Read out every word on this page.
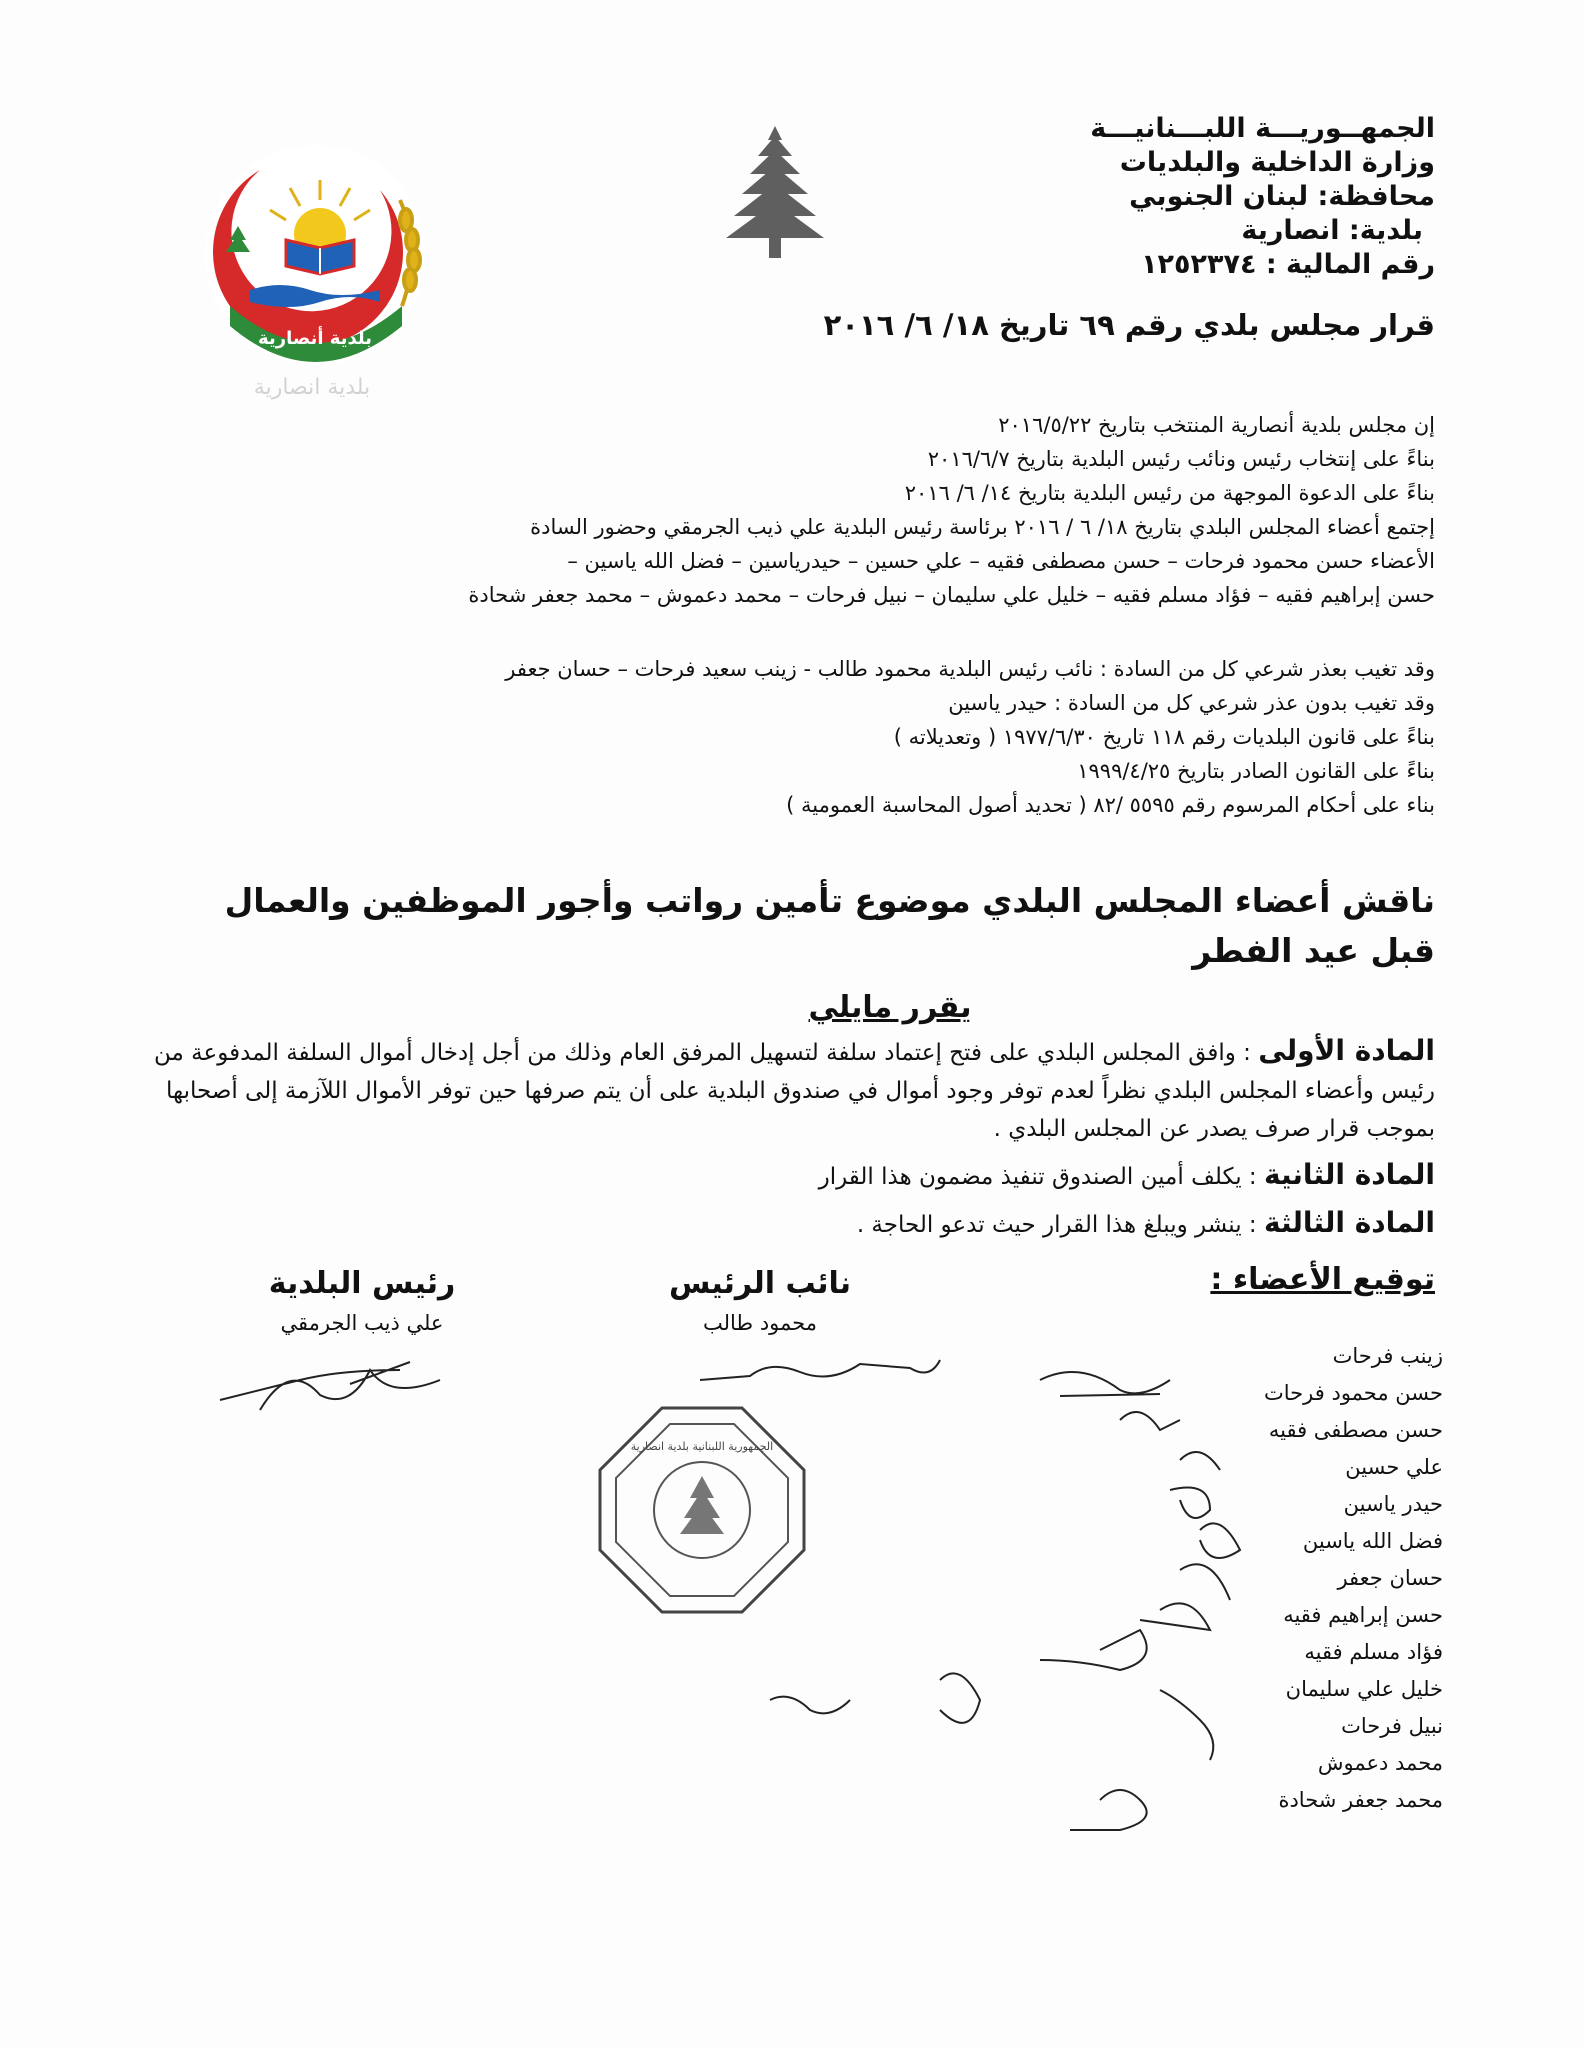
الجمهــوريـــة اللبـــنانيـــة
وزارة الداخلية والبلديات
محافظة: لبنان الجنوبي
بلدية: انصارية
رقم المالية : ١٢٥٢٣٧٤
بلدية أنصارية
بلدية انصارية
قرار مجلس بلدي رقم ٦٩ تاريخ ١٨/ ٦/ ٢٠١٦
إن مجلس بلدية أنصارية المنتخب بتاريخ ٢٠١٦/٥/٢٢
بناءً على إنتخاب رئيس ونائب رئيس البلدية بتاريخ ٢٠١٦/٦/٧
بناءً على الدعوة الموجهة من رئيس البلدية بتاريخ ١٤/ ٦/ ٢٠١٦
إجتمع أعضاء المجلس البلدي بتاريخ ١٨/ ٦ / ٢٠١٦ برئاسة رئيس البلدية علي ذيب الجرمقي وحضور السادة
الأعضاء حسن محمود فرحات – حسن مصطفى فقيه – علي حسين – حيدرياسين – فضل الله ياسين –
حسن إبراهيم فقيه – فؤاد مسلم فقيه – خليل علي سليمان – نبيل فرحات – محمد دعموش – محمد جعفر شحادة
وقد تغيب بعذر شرعي كل من السادة : نائب رئيس البلدية محمود طالب - زينب سعيد فرحات – حسان جعفر
وقد تغيب بدون عذر شرعي كل من السادة : حيدر ياسين
بناءً على قانون البلديات رقم ١١٨ تاريخ ١٩٧٧/٦/٣٠ ( وتعديلاته )
بناءً على القانون الصادر بتاريخ ١٩٩٩/٤/٢٥
بناء على أحكام المرسوم رقم ٥٥٩٥ /٨٢ ( تحديد أصول المحاسبة العمومية )
ناقش أعضاء المجلس البلدي موضوع تأمين رواتب وأجور الموظفين والعمال قبل عيد الفطر
يقرر مايلي
المادة الأولى : وافق المجلس البلدي على فتح إعتماد سلفة لتسهيل المرفق العام وذلك من أجل إدخال أموال السلفة المدفوعة من رئيس وأعضاء المجلس البلدي نظراً لعدم توفر وجود أموال في صندوق البلدية على أن يتم صرفها حين توفر الأموال اللآزمة إلى أصحابها بموجب قرار صرف يصدر عن المجلس البلدي .
المادة الثانية : يكلف أمين الصندوق تنفيذ مضمون هذا القرار
المادة الثالثة : ينشر ويبلغ هذا القرار حيث تدعو الحاجة .
توقيع الأعضاء :
نائب الرئيس
محمود طالب
رئيس البلدية
علي ذيب الجرمقي
زينب فرحات
حسن محمود فرحات
حسن مصطفى فقيه
علي حسين
حيدر ياسين
فضل الله ياسين
حسان جعفر
حسن إبراهيم فقيه
فؤاد مسلم فقيه
خليل علي سليمان
نبيل فرحات
محمد دعموش
محمد جعفر شحادة
الجمهورية اللبنانية بلدية انصارية
